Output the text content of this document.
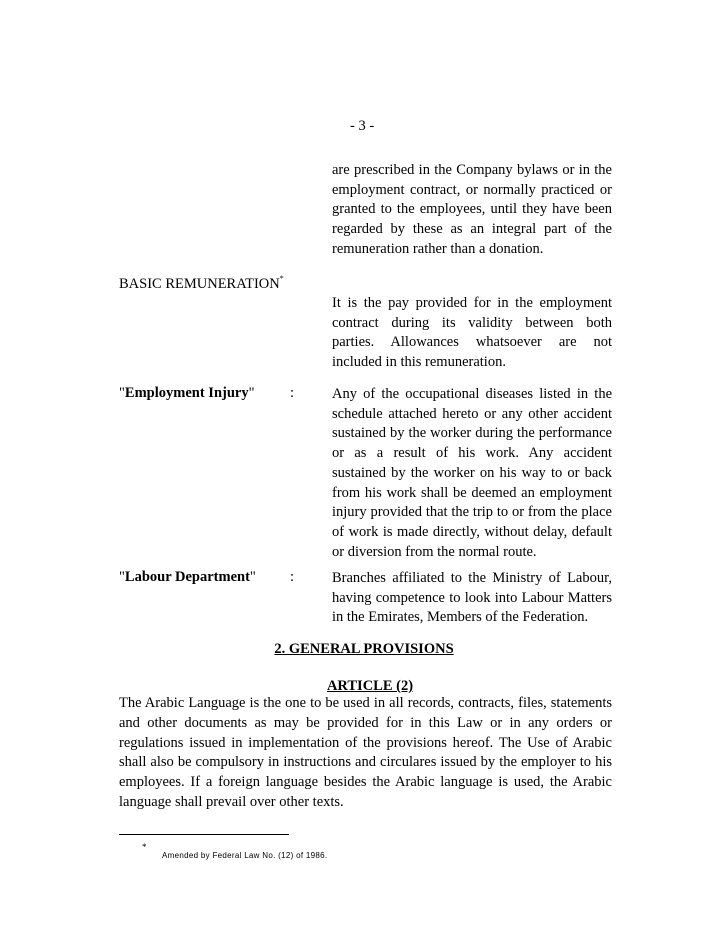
- 3 -
are prescribed in the Company bylaws or in the employment contract, or normally practiced or granted to the employees, until they have been regarded by these as an integral part of the remuneration rather than a donation.
BASIC REMUNERATION*
It is the pay provided for in the employment contract during its validity between both parties. Allowances whatsoever are not included in this remuneration.
"Employment Injury" :	Any of the occupational diseases listed in the schedule attached hereto or any other accident sustained by the worker during the performance or as a result of his work. Any accident sustained by the worker on his way to or back from his work shall be deemed an employment injury provided that the trip to or from the place of work is made directly, without delay, default or diversion from the normal route.
"Labour Department" :	Branches affiliated to the Ministry of Labour, having competence to look into Labour Matters in the Emirates, Members of the Federation.
2. GENERAL PROVISIONS
ARTICLE (2)
The Arabic Language is the one to be used in all records, contracts, files, statements and other documents as may be provided for in this Law or in any orders or regulations issued in implementation of the provisions hereof. The Use of Arabic shall also be compulsory in instructions and circulares issued by the employer to his employees. If a foreign language besides the Arabic language is used, the Arabic language shall prevail over other texts.
*
Amended by Federal Law No. (12) of 1986.
